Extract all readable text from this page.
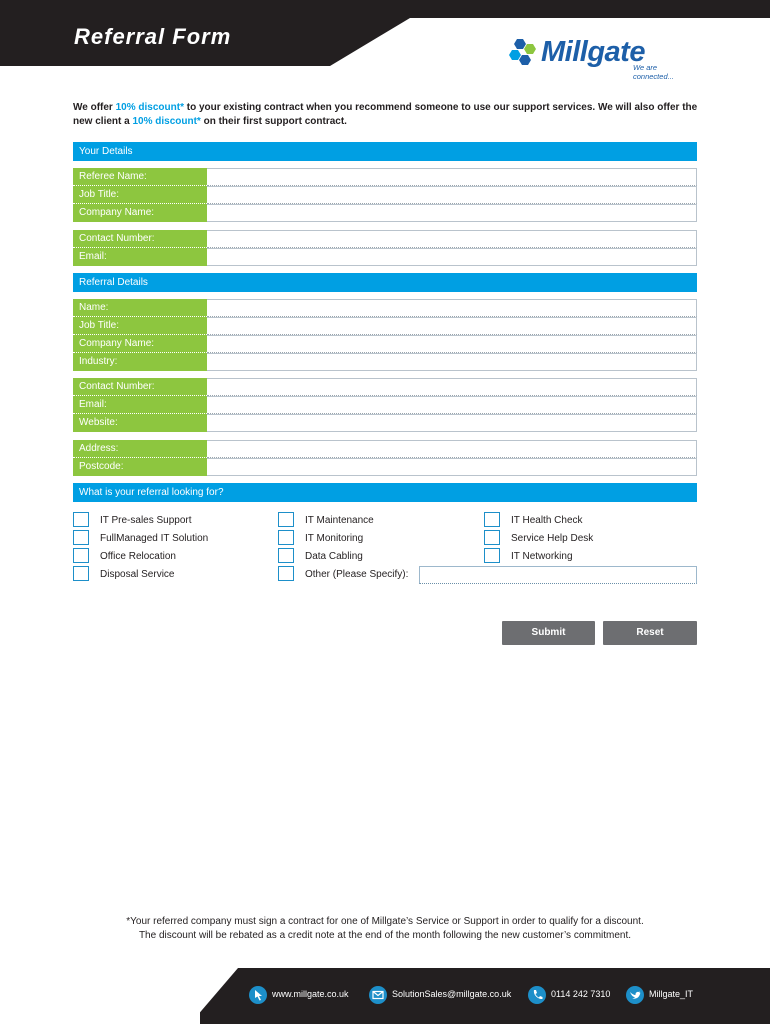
Referral Form	Millgate
We are connected...
We offer 10% discount* to your existing contract when you recommend someone to use our support services. We will also offer the new client a 10% discount* on their first support contract.
Your Details
Referee Name:
Job Title:
Company Name:
Contact Number:
Email:
Referral Details
Name:
Job Title:
Company Name:
Industry:
Contact Number:
Email:
Website:
Address:
Postcode:
What is your referral looking for?
IT Pre-sales Support
FullManaged IT Solution
Office Relocation
Disposal Service
IT Maintenance
IT Monitoring
Data Cabling
Other (Please Specify):
IT Health Check
Service Help Desk
IT Networking
Submit	Reset
*Your referred company must sign a contract for one of Millgate’s Service or Support in order to qualify for a discount.
The discount will be rebated as a credit note at the end of the month following the new customer’s commitment.
www.millgate.co.uk	SolutionSales@millgate.co.uk	0114 242 7310	Millgate_IT
